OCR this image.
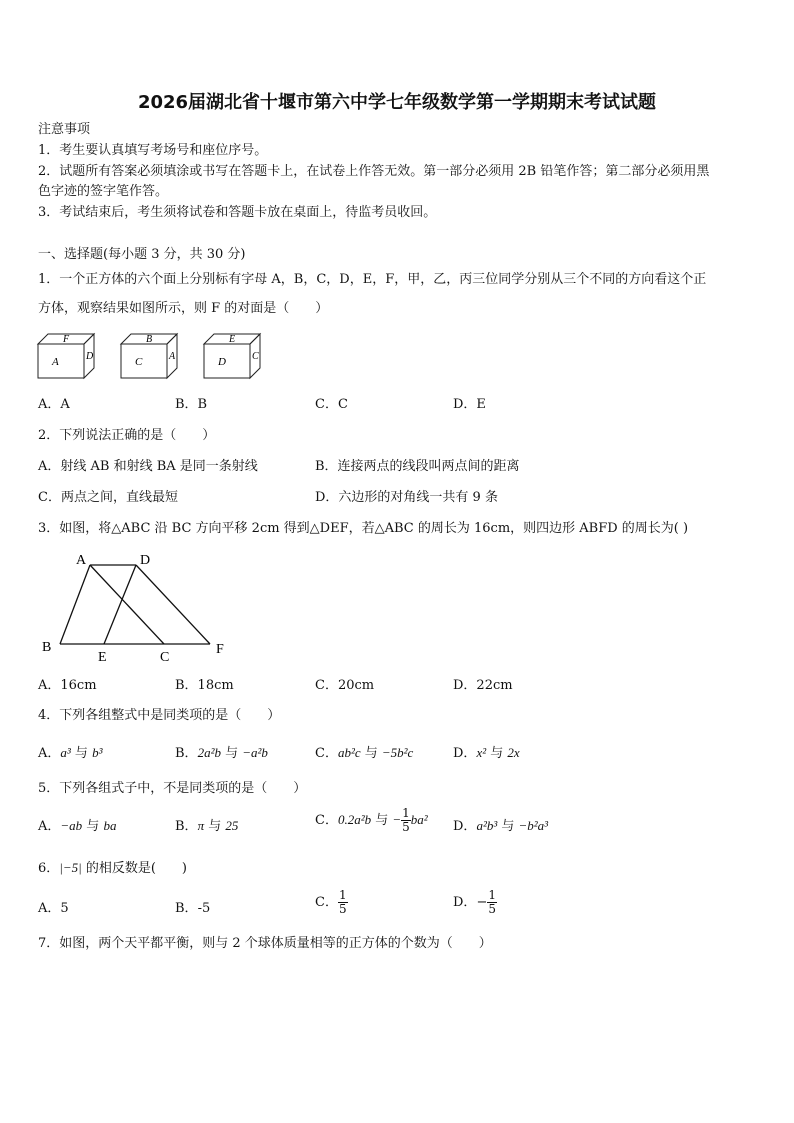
2026届湖北省十堰市第六中学七年级数学第一学期期末考试试题
注意事项
1．考生要认真填写考场号和座位序号。
2．试题所有答案必须填涂或书写在答题卡上，在试卷上作答无效。第一部分必须用 2B 铅笔作答；第二部分必须用黑
色字迹的签字笔作答。
3．考试结束后，考生须将试卷和答题卡放在桌面上，待监考员收回。
一、选择题(每小题 3 分，共 30 分)
1．一个正方体的六个面上分别标有字母 A，B，C，D，E，F，甲，乙，丙三位同学分别从三个不同的方向看这个正
方体，观察结果如图所示，则 F 的对面是（　　）
F
A	D
B
C	A
E
D	C
A．A	B．B	C．C	D．E
2．下列说法正确的是（　　）
A．射线 AB 和射线 BA 是同一条射线	B．连接两点的线段叫两点间的距离
C．两点之间，直线最短	D．六边形的对角线一共有 9 条
3．如图，将△ABC 沿 BC 方向平移 2cm 得到△DEF，若△ABC 的周长为 16cm，则四边形 ABFD 的周长为( )
A	D
B
E	C
F
A．16cm	B．18cm	C．20cm	D．22cm
4．下列各组整式中是同类项的是（　　）
A．a³ 与 b³	B．2a²b 与 −a²b	C．ab²c 与 −5b²c	D．x² 与 2x
5．下列各组式子中，不是同类项的是（　　）
A．−ab 与 ba	B．π 与 25	C．0.2a²b 与 − $\frac{1}{5} ba^2$ D．a²b³ 与 −b²a³
6．|−5| 的相反数是(　　)
A．5	B．-5	C． $\frac{1}{5}$	D．− $\frac{1}{5}$
7．如图，两个天平都平衡，则与 2 个球体质量相等的正方体的个数为（　　）
